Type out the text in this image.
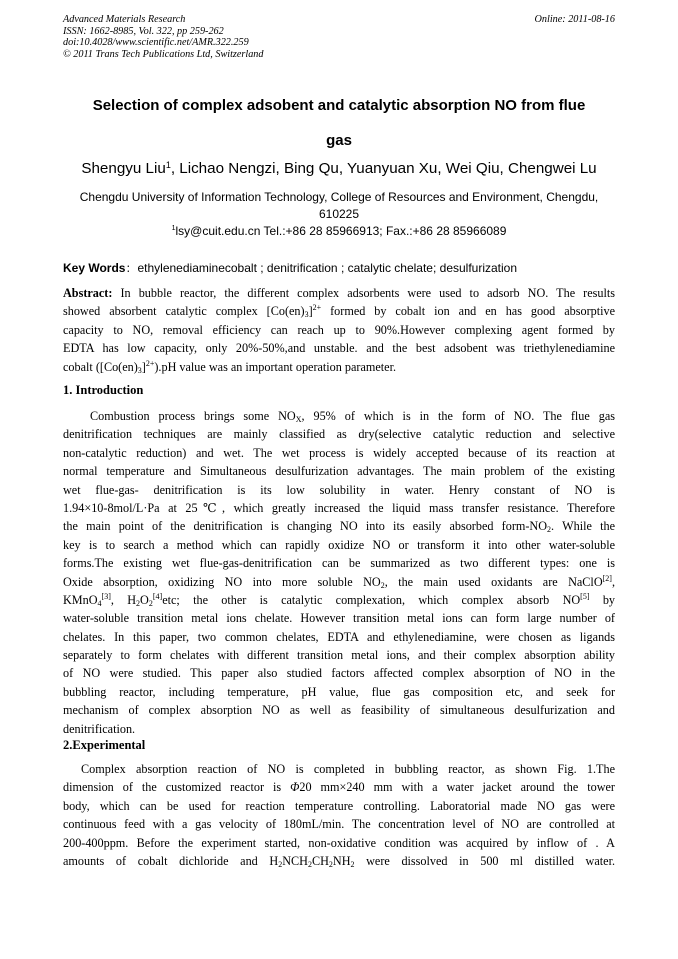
Advanced Materials Research
ISSN: 1662-8985, Vol. 322, pp 259-262
doi:10.4028/www.scientific.net/AMR.322.259
© 2011 Trans Tech Publications Ltd, Switzerland
Online: 2011-08-16
Selection of complex adsobent and catalytic absorption NO from flue
gas
Shengyu Liu$^1$, Lichao Nengzi, Bing Qu, Yuanyuan Xu, Wei Qiu, Chengwei Lu
Chengdu University of Information Technology, College of Resources and Environment, Chengdu,
610225
$^1$lsy@cuit.edu.cn Tel.:+86 28 85966913; Fax.:+86 28 85966089
Key Words：ethylenediaminecobalt ; denitrification ; catalytic chelate; desulfurization
Abstract: In bubble reactor, the different complex adsorbents were used to adsorb NO. The results
showed absorbent catalytic complex $[Co(en)_3]^{2+}$ formed by cobalt ion and en has good absorptive
capacity to NO, removal efficiency can reach up to 90%.However complexing agent formed by
EDTA has low capacity, only 20%-50%,and unstable. and the best adsobent was triethylenediamine
cobalt $([Co(en)_3]^{2+}).pH$ value was an important operation parameter.
1. Introduction
Combustion process brings some $NO_X$, 95% of which is in the form of NO. The flue gas
denitrification techniques are mainly classified as dry(selective catalytic reduction and selective
non-catalytic reduction) and wet. The wet process is widely accepted because of its reaction at
normal temperature and Simultaneous desulfurization advantages. The main problem of the existing
wet flue-gas- denitrification is its low solubility in water. Henry constant of NO is
1.94×10-8mol/L·Pa at 25℃, which greatly increased the liquid mass transfer resistance. Therefore
the main point of the denitrification is changing NO into its easily absorbed form-$NO_2$. While the
key is to search a method which can rapidly oxidize NO or transform it into other water-soluble
forms.The existing wet flue-gas-denitrification can be summarized as two different types: one is
Oxide absorption, oxidizing NO into more soluble $NO_2$, the main used oxidants are NaClO[2],
KMnO$_4$[3], $H_2O_2[4]etc$; the other is catalytic complexation, which complex absorb NO[5] by
water-soluble transition metal ions chelate. However transition metal ions can form large number of
chelates. In this paper, two common chelates, EDTA and ethylenediamine, were chosen as ligands
separately to form chelates with different transition metal ions, and their complex absorption ability
of NO were studied. This paper also studied factors affected complex absorption of NO in the
bubbling reactor, including temperature, pH value, flue gas composition etc, and seek for
mechanism of complex absorption NO as well as feasibility of simultaneous desulfurization and
denitrification.
2.Experimental
Complex absorption reaction of NO is completed in bubbling reactor, as shown Fig. 1.The
dimension of the customized reactor is Φ20 mm×240 mm with a water jacket around the tower
body, which can be used for reaction temperature controlling. Laboratorial made NO gas were
continuous feed with a gas velocity of 180mL/min. The concentration level of NO are controlled at
200-400ppm. Before the experiment started, non-oxidative condition was acquired by inflow of . A
amounts of cobalt dichloride and $H_2NCH_2CH_2NH_2$ were dissolved in 500 ml distilled water.
